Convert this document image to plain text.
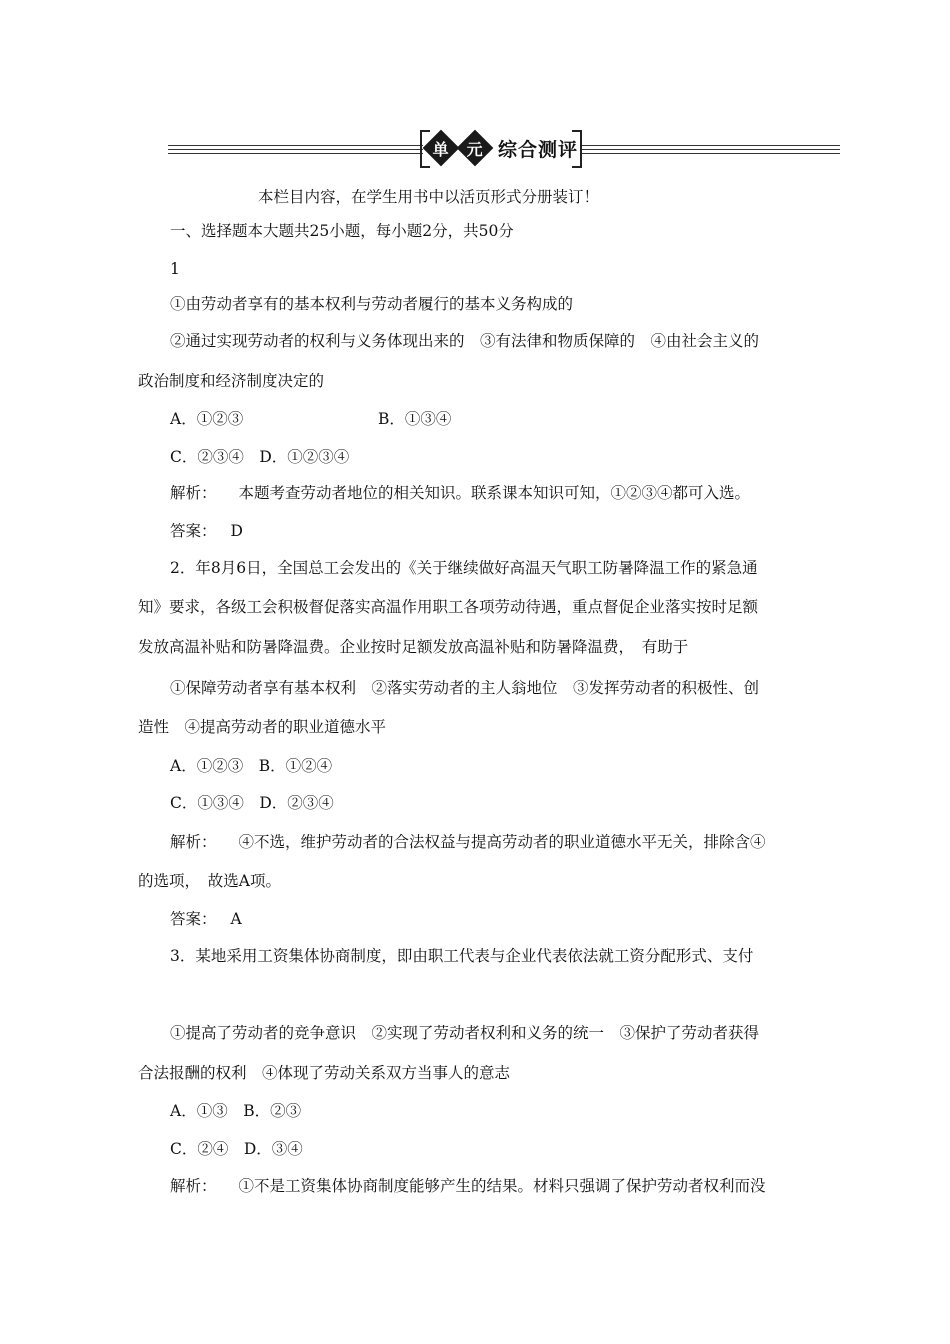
单 元 综合测评
本栏目内容，在学生用书中以活页形式分册装订！
一、选择题本大题共25小题，每小题2分，共50分
1
①由劳动者享有的基本权利与劳动者履行的基本义务构成的
②通过实现劳动者的权利与义务体现出来的　③有法律和物质保障的　④由社会主义的
政治制度和经济制度决定的
A．①②③	B．①③④
C．②③④　D．①②③④
解析： 本题考查劳动者地位的相关知识。联系课本知识可知，①②③④都可入选。
答案： D
2．年8月6日，全国总工会发出的《关于继续做好高温天气职工防暑降温工作的紧急通
知》要求，各级工会积极督促落实高温作用职工各项劳动待遇，重点督促企业落实按时足额
发放高温补贴和防暑降温费。企业按时足额发放高温补贴和防暑降温费，　有助于
①保障劳动者享有基本权利　②落实劳动者的主人翁地位　③发挥劳动者的积极性、创
造性　④提高劳动者的职业道德水平
A．①②③　B．①②④
C．①③④　D．②③④
解析： ④不选，维护劳动者的合法权益与提高劳动者的职业道德水平无关，排除含④
的选项，　故选A项。
答案： A
3．某地采用工资集体协商制度，即由职工代表与企业代表依法就工资分配形式、支付
①提高了劳动者的竞争意识　②实现了劳动者权利和义务的统一　③保护了劳动者获得
合法报酬的权利　④体现了劳动关系双方当事人的意志
A．①③　B．②③
C．②④　D．③④
解析： ①不是工资集体协商制度能够产生的结果。材料只强调了保护劳动者权利而没
